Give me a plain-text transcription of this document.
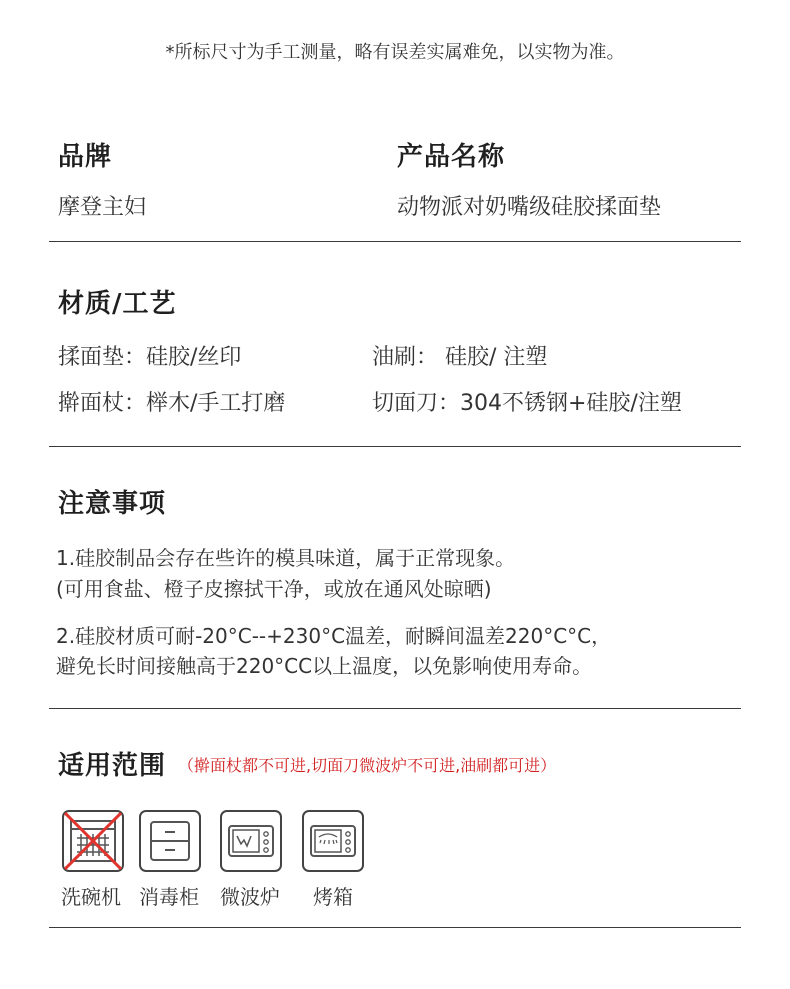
*所标尺寸为手工测量，略有误差实属难免，以实物为准。
品牌	产品名称
摩登主妇	动物派对奶嘴级硅胶揉面垫
材质/工艺
揉面垫：硅胶/丝印	油刷： 硅胶/ 注塑
擀面杖：榉木/手工打磨	切面刀：304不锈钢+硅胶/注塑
注意事项
1.硅胶制品会存在些许的模具味道，属于正常现象。
(可用食盐、橙子皮擦拭干净，或放在通风处晾晒)
2.硅胶材质可耐-20°C--+230°C温差，耐瞬间温差220°C°C，
避免长时间接触高于220°CC以上温度，以免影响使用寿命。
适用范围 （擀面杖都不可进,切面刀微波炉不可进,油刷都可进）
洗碗机 消毒柜 微波炉 烤箱
